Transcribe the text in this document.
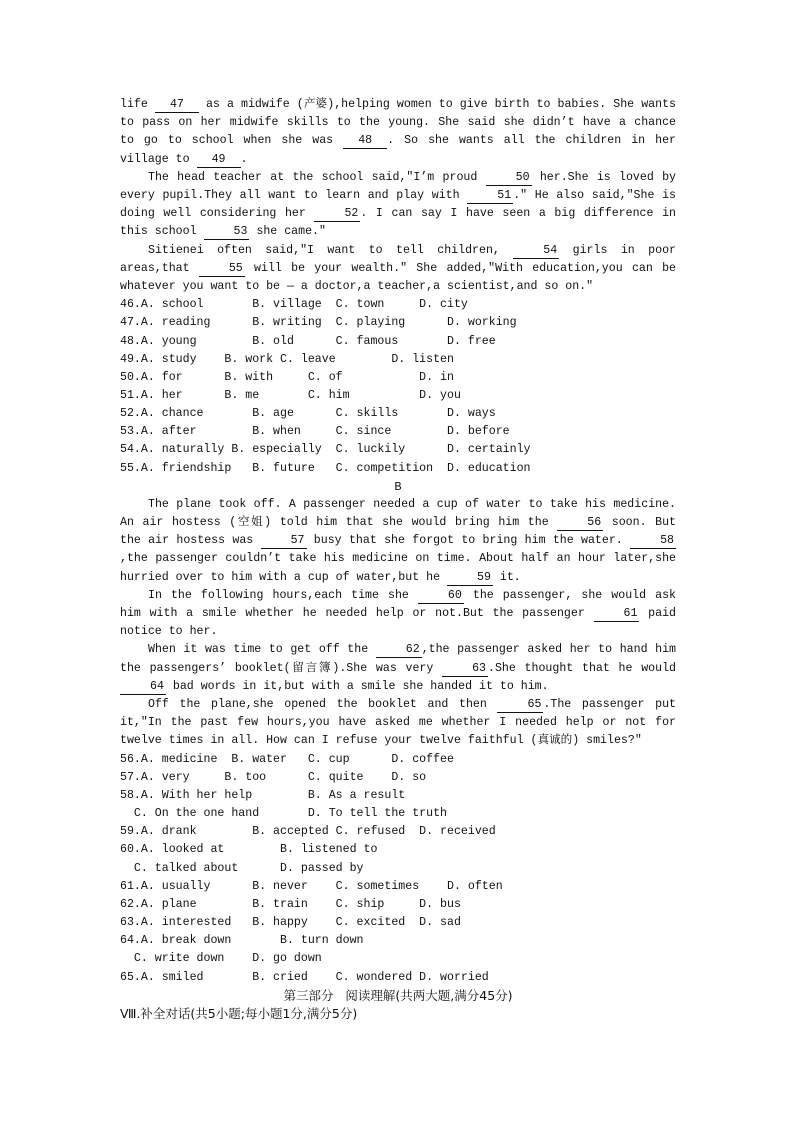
life 47 as a midwife (产婆),helping women to give birth to babies. She wants to pass on her midwife skills to the young. She said she didn’t have a chance to go to school when she was 48 . So she wants all the children in her village to 49 .

The head teacher at the school said,"I’m proud	50 her.She is loved by every pupil.They all want to learn and play with	51 ." He also said,"She is doing well considering her	52 . I can say I have seen a big difference in this school	53 she came."

Sitienei often said,"I want to tell children,	54 girls in poor areas,that	55 will be your wealth." She added,"With education,you can be whatever you want to be — a doctor,a teacher,a scientist,and so on."

46.A. school       B. village  C. town     D. city

47.A. reading      B. writing  C. playing      D. working

48.A. young        B. old      C. famous       D. free

49.A. study    B. work C. leave        D. listen

50.A. for      B. with     C. of           D. in

51.A. her      B. me       C. him          D. you

52.A. chance       B. age      C. skills       D. ways

53.A. after        B. when     C. since        D. before

54.A. naturally B. especially  C. luckily      D. certainly

55.A. friendship   B. future   C. competition  D. education

B

The plane took off. A passenger needed a cup of water to take his medicine. An air hostess (空姐) told him that she would bring him the	56 soon. But the air hostess was	57 busy that she forgot to bring him the water.	58,the passenger couldn’t take his medicine on time. About half an hour later,she hurried over to him with a cup of water,but he	59 it.

In the following hours,each time she	60 the passenger, she would ask him with a smile whether he needed help or not.But the passenger	61 paid notice to her.

When it was time to get off the	62 ,the passenger asked her to hand him the passengers’ booklet(留言簿).She was very	63 .She thought that he would 64 bad words in it,but with a smile she handed it to him.

Off the plane,she opened the booklet and then	65 .The passenger put it,"In the past few hours,you have asked me whether I needed help or not for twelve times in all. How can I refuse your twelve faithful (真诚的) smiles?"

56.A. medicine  B. water   C. cup      D. coffee

57.A. very     B. too      C. quite    D. so

58.A. With her help        B. As a result

C. On the one hand       D. To tell the truth

59.A. drank        B. accepted C. refused  D. received

60.A. looked at        B. listened to

C. talked about      D. passed by

61.A. usually      B. never    C. sometimes    D. often

62.A. plane        B. train    C. ship     D. bus

63.A. interested   B. happy    C. excited  D. sad

64.A. break down       B. turn down

C. write down    D. go down

65.A. smiled       B. cried    C. wondered D. worried

第三部分   阅读理解(共两大题,满分45分)

Ⅷ.补全对话(共5小题;每小题1分,满分5分)
